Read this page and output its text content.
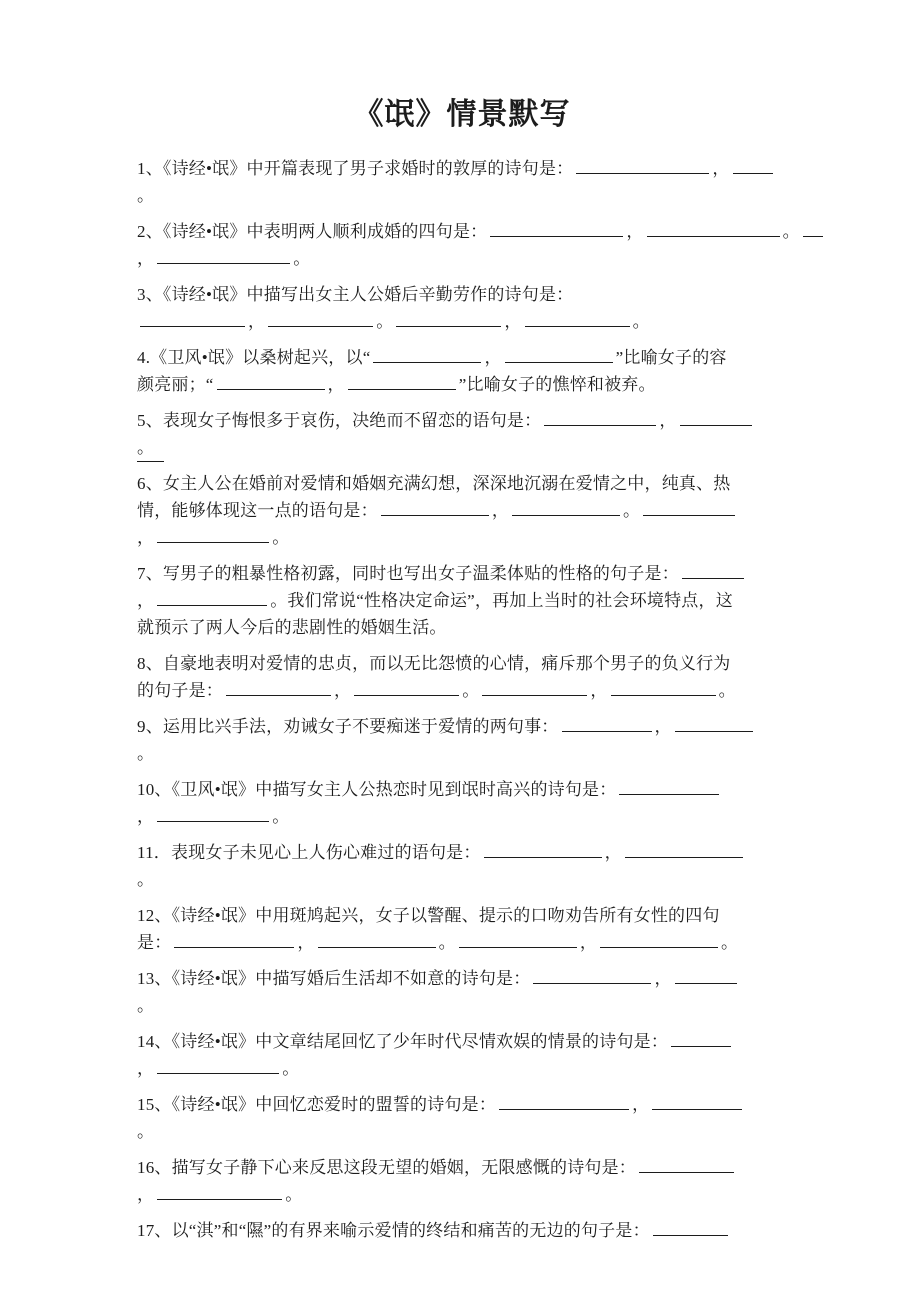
《氓》情景默写
1、《诗经•氓》中开篇表现了男子求婚时的敦厚的诗句是：	，
。
2、《诗经•氓》中表明两人顺利成婚的四句是：	，	。
，	。
3、《诗经•氓》中描写出女主人公婚后辛勤劳作的诗句是：
，	。	，	。
4.《卫风•氓》以桑树起兴，以“	，	”比喻女子的容
颜亮丽；“	，	”比喻女子的憔悴和被弃。
5、表现女子悔恨多于哀伤，决绝而不留恋的语句是：	，
。
6、女主人公在婚前对爱情和婚姻充满幻想，深深地沉溺在爱情之中，纯真、热
情，能够体现这一点的语句是：	，	。
，	。
7、写男子的粗暴性格初露，同时也写出女子温柔体贴的性格的句子是：
，	。我们常说“性格决定命运”，再加上当时的社会环境特点，这
就预示了两人今后的悲剧性的婚姻生活。
8、自豪地表明对爱情的忠贞，而以无比怨愤的心情，痛斥那个男子的负义行为
的句子是：	，	。	，	。
9、运用比兴手法，劝诫女子不要痴迷于爱情的两句事：	，
。
10、《卫风•氓》中描写女主人公热恋时见到氓时高兴的诗句是：
，	。
11．表现女子未见心上人伤心难过的语句是：	，
。
12、《诗经•氓》中用斑鸠起兴，女子以警醒、提示的口吻劝告所有女性的四句
是：	，	。	，	。
13、《诗经•氓》中描写婚后生活却不如意的诗句是：	，
。
14、《诗经•氓》中文章结尾回忆了少年时代尽情欢娱的情景的诗句是：
，	。
15、《诗经•氓》中回忆恋爱时的盟誓的诗句是：	，
。
16、描写女子静下心来反思这段无望的婚姻，无限感慨的诗句是：
，	。
17、以“淇”和“隰”的有界来喻示爱情的终结和痛苦的无边的句子是：
